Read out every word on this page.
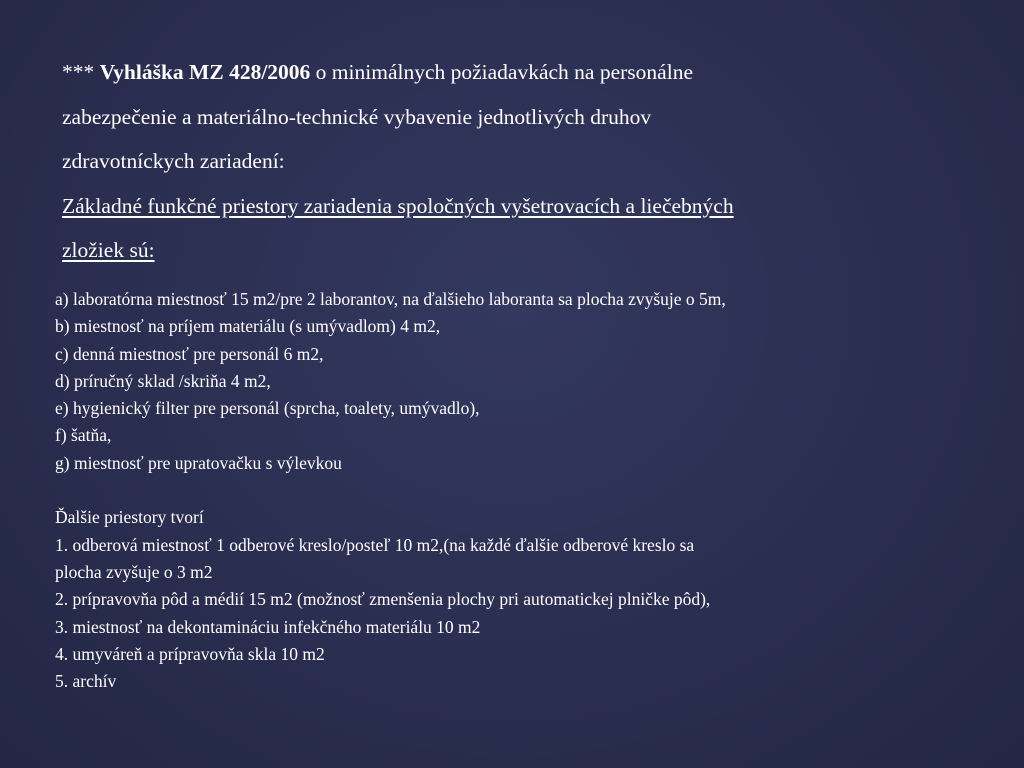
*** Vyhláška MZ 428/2006 o minimálnych požiadavkách na personálne
zabezpečenie a materiálno-technické vybavenie jednotlivých druhov
zdravotníckych zariadení:
Základné funkčné priestory zariadenia spoločných vyšetrovacích a liečebných
zložiek sú:
a) laboratórna miestnosť 15 m2/pre 2 laborantov, na ďalšieho laboranta sa plocha zvyšuje o 5m,
b) miestnosť na príjem materiálu (s umývadlom) 4 m2,
c) denná miestnosť pre personál 6 m2,
d) príručný sklad /skriňa 4 m2,
e) hygienický filter pre personál (sprcha, toalety, umývadlo),
f) šatňa,
g) miestnosť pre upratovačku s výlevkou
Ďalšie priestory tvorí
1. odberová miestnosť 1 odberové kreslo/posteľ 10 m2,(na každé ďalšie odberové kreslo sa
plocha zvyšuje o 3 m2
2. prípravovňa pôd a médií 15 m2 (možnosť zmenšenia plochy pri automatickej plničke pôd),
3. miestnosť na dekontamináciu infekčného materiálu 10 m2
4. umyváreň a prípravovňa skla 10 m2
5. archív
